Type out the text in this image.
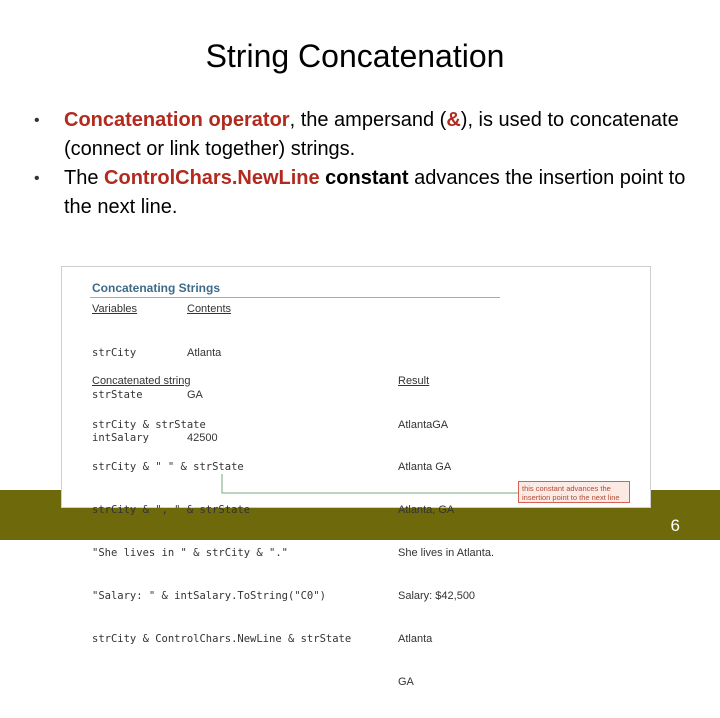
String Concatenation
• Concatenation operator, the ampersand (&), is used to concatenate (connect or link together) strings.
• The ControlChars.NewLine constant advances the insertion point to the next line.
Concatenating Strings
Variables	Contents

strCity

strState

intSalary

Atlanta

GA

42500

Concatenated string	Result

strCity & strState

strCity & " " & strState

strCity & ", " & strState

"She lives in " & strCity & "."

"Salary: " & intSalary.ToString("C0")

strCity & ControlChars.NewLine & strState

AtlantaGA

Atlanta GA

Atlanta, GA

She lives in Atlanta.

Salary: $42,500

Atlanta

GA

this constant advances the insertion point to the next line
6
